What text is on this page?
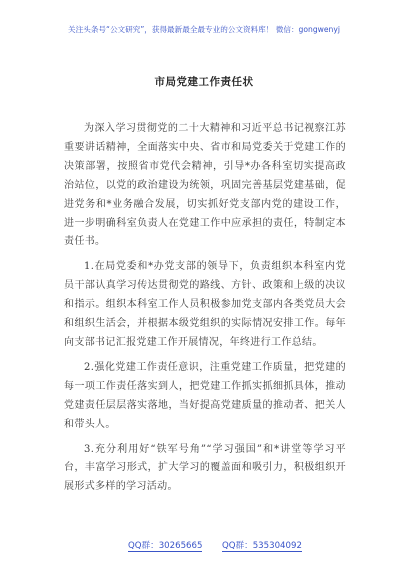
关注头条号“公文研究”，获得最新最全最专业的公文资料库！ 微信：gongwenyj
市局党建工作责任状

为深入学习贯彻党的二十大精神和习近平总书记视察江苏重要讲话精神，全面落实中央、省市和局党委关于党建工作的决策部署，按照省市党代会精神，引导*办各科室切实提高政治站位，以党的政治建设为统领，巩固完善基层党建基础，促进党务和*业务融合发展，切实抓好党支部内党的建设工作，进一步明确科室负责人在党建工作中应承担的责任，特制定本责任书。

1.在局党委和*办党支部的领导下，负责组织本科室内党员干部认真学习传达贯彻党的路线、方针、政策和上级的决议和指示。组织本科室工作人员积极参加党支部内各类党员大会和组织生活会，并根据本级党组织的实际情况安排工作。每年向支部书记汇报党建工作开展情况，年终进行工作总结。

2.强化党建工作责任意识，注重党建工作质量，把党建的每一项工作责任落实到人，把党建工作抓实抓细抓具体，推动党建责任层层落实落地，当好提高党建质量的推动者、把关人和带头人。

3.充分利用好“铁军号角”“学习强国”和*讲堂等学习平台，丰富学习形式，扩大学习的覆盖面和吸引力，积极组织开展形式多样的学习活动。

QQ群：30265665 QQ群：535304092
